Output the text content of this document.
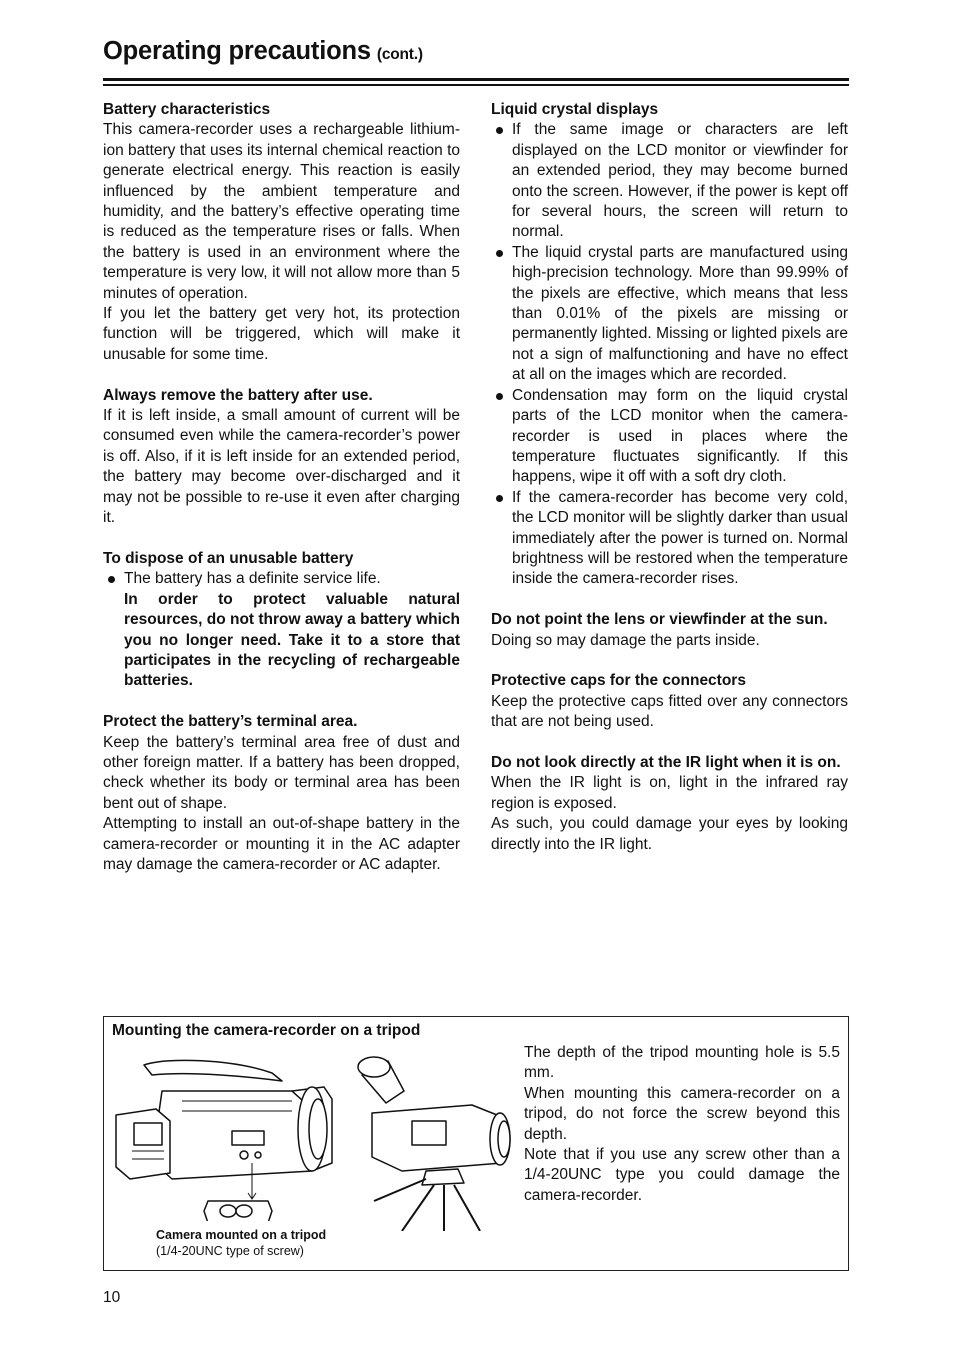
Operating precautions (cont.)
Battery characteristics

This camera-recorder uses a rechargeable lithium-ion battery that uses its internal chemical reaction to generate electrical energy. This reaction is easily influenced by the ambient temperature and humidity, and the battery’s effective operating time is reduced as the temperature rises or falls. When the battery is used in an environment where the temperature is very low, it will not allow more than 5 minutes of operation.

If you let the battery get very hot, its protection function will be triggered, which will make it unusable for some time.

Always remove the battery after use.

If it is left inside, a small amount of current will be consumed even while the camera-recorder’s power is off. Also, if it is left inside for an extended period, the battery may become over-discharged and it may not be possible to re-use it even after charging it.

To dispose of an unusable battery
The battery has a definite service life.
In order to protect valuable natural resources, do not throw away a battery which you no longer need. Take it to a store that participates in the recycling of rechargeable batteries.
Protect the battery’s terminal area.

Keep the battery’s terminal area free of dust and other foreign matter. If a battery has been dropped, check whether its body or terminal area has been bent out of shape.

Attempting to install an out-of-shape battery in the camera-recorder or mounting it in the AC adapter may damage the camera-recorder or AC adapter.

Liquid crystal displays
If the same image or characters are left displayed on the LCD monitor or viewfinder for an extended period, they may become burned onto the screen. However, if the power is kept off for several hours, the screen will return to normal.
The liquid crystal parts are manufactured using high-precision technology. More than 99.99% of the pixels are effective, which means that less than 0.01% of the pixels are missing or permanently lighted. Missing or lighted pixels are not a sign of malfunctioning and have no effect at all on the images which are recorded.
Condensation may form on the liquid crystal parts of the LCD monitor when the camera-recorder is used in places where the temperature fluctuates significantly. If this happens, wipe it off with a soft dry cloth.
If the camera-recorder has become very cold, the LCD monitor will be slightly darker than usual immediately after the power is turned on. Normal brightness will be restored when the temperature inside the camera-recorder rises.
Do not point the lens or viewfinder at the sun.

Doing so may damage the parts inside.

Protective caps for the connectors

Keep the protective caps fitted over any connectors that are not being used.

Do not look directly at the IR light when it is on.

When the IR light is on, light in the infrared ray region is exposed.

As such, you could damage your eyes by looking directly into the IR light.

Mounting the camera-recorder on a tripod
Camera mounted on a tripod
(1/4-20UNC type of screw)

The depth of the tripod mounting hole is 5.5 mm.

When mounting this camera-recorder on a tripod, do not force the screw beyond this depth.

Note that if you use any screw other than a 1/4-20UNC type you could damage the camera-recorder.

10
